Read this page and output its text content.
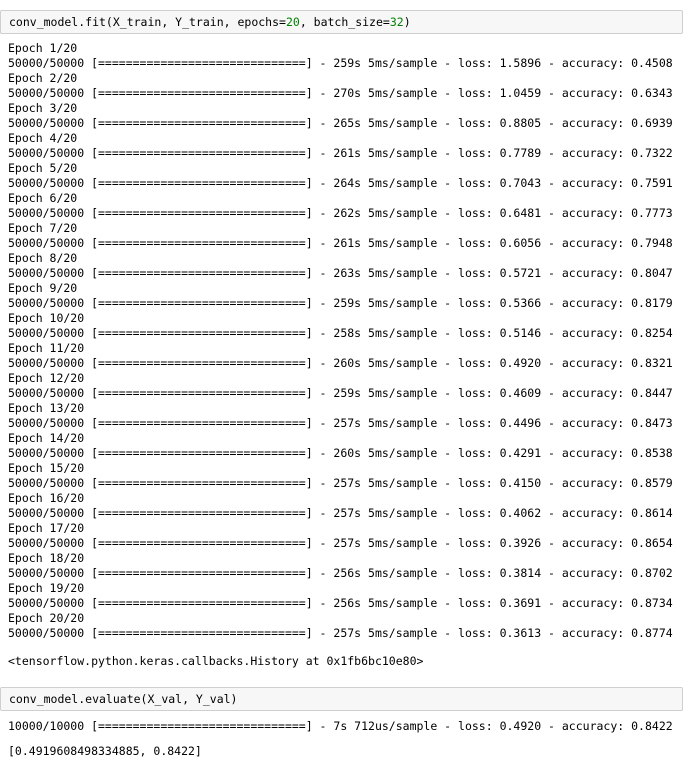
conv_model.fit(X_train, Y_train, epochs=20, batch_size=32)
Epoch 1/20
50000/50000 [==============================] - 259s 5ms/sample - loss: 1.5896 - accuracy: 0.4508
Epoch 2/20
50000/50000 [==============================] - 270s 5ms/sample - loss: 1.0459 - accuracy: 0.6343
Epoch 3/20
50000/50000 [==============================] - 265s 5ms/sample - loss: 0.8805 - accuracy: 0.6939
Epoch 4/20
50000/50000 [==============================] - 261s 5ms/sample - loss: 0.7789 - accuracy: 0.7322
Epoch 5/20
50000/50000 [==============================] - 264s 5ms/sample - loss: 0.7043 - accuracy: 0.7591
Epoch 6/20
50000/50000 [==============================] - 262s 5ms/sample - loss: 0.6481 - accuracy: 0.7773
Epoch 7/20
50000/50000 [==============================] - 261s 5ms/sample - loss: 0.6056 - accuracy: 0.7948
Epoch 8/20
50000/50000 [==============================] - 263s 5ms/sample - loss: 0.5721 - accuracy: 0.8047
Epoch 9/20
50000/50000 [==============================] - 259s 5ms/sample - loss: 0.5366 - accuracy: 0.8179
Epoch 10/20
50000/50000 [==============================] - 258s 5ms/sample - loss: 0.5146 - accuracy: 0.8254
Epoch 11/20
50000/50000 [==============================] - 260s 5ms/sample - loss: 0.4920 - accuracy: 0.8321
Epoch 12/20
50000/50000 [==============================] - 259s 5ms/sample - loss: 0.4609 - accuracy: 0.8447
Epoch 13/20
50000/50000 [==============================] - 257s 5ms/sample - loss: 0.4496 - accuracy: 0.8473
Epoch 14/20
50000/50000 [==============================] - 260s 5ms/sample - loss: 0.4291 - accuracy: 0.8538
Epoch 15/20
50000/50000 [==============================] - 257s 5ms/sample - loss: 0.4150 - accuracy: 0.8579
Epoch 16/20
50000/50000 [==============================] - 257s 5ms/sample - loss: 0.4062 - accuracy: 0.8614
Epoch 17/20
50000/50000 [==============================] - 257s 5ms/sample - loss: 0.3926 - accuracy: 0.8654
Epoch 18/20
50000/50000 [==============================] - 256s 5ms/sample - loss: 0.3814 - accuracy: 0.8702
Epoch 19/20
50000/50000 [==============================] - 256s 5ms/sample - loss: 0.3691 - accuracy: 0.8734
Epoch 20/20
50000/50000 [==============================] - 257s 5ms/sample - loss: 0.3613 - accuracy: 0.8774
<tensorflow.python.keras.callbacks.History at 0x1fb6bc10e80>
conv_model.evaluate(X_val, Y_val)
10000/10000 [==============================] - 7s 712us/sample - loss: 0.4920 - accuracy: 0.8422
[0.4919608498334885, 0.8422]
